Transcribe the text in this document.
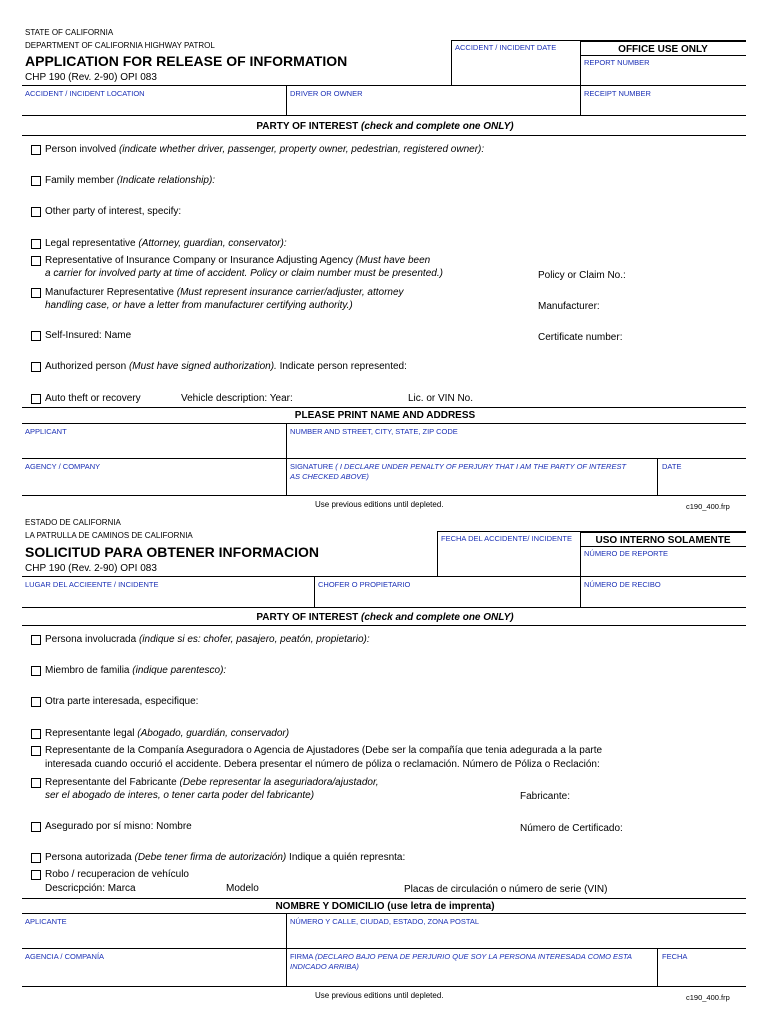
STATE OF CALIFORNIA
DEPARTMENT OF CALIFORNIA HIGHWAY PATROL
APPLICATION FOR RELEASE OF INFORMATION
CHP 190 (Rev. 2-90) OPI 083
ACCIDENT / INCIDENT DATE	OFFICE USE ONLY
REPORT NUMBER
ACCIDENT / INCIDENT LOCATION	DRIVER OR OWNER	RECEIPT NUMBER
PARTY OF INTEREST (check and complete one ONLY)
Person involved (indicate whether driver, passenger, property owner, pedestrian, registered owner):
Family member (Indicate relationship):
Other party of interest, specify:
Legal representative (Attorney, guardian, conservator):
Representative of Insurance Company or Insurance Adjusting Agency (Must have been
a carrier for involved party at time of accident. Policy or claim number must be presented.)	Policy or Claim No.:
Manufacturer Representative (Must represent insurance carrier/adjuster, attorney
handling case, or have a letter from manufacturer certifying authority.)	Manufacturer:
Self-Insured: Name	Certificate number:
Authorized person (Must have signed authorization). Indicate person represented:
Auto theft or recovery	Vehicle description: Year:	Lic. or VIN No.
PLEASE PRINT NAME AND ADDRESS
APPLICANT	NUMBER AND STREET, CITY, STATE, ZIP CODE
AGENCY / COMPANY	SIGNATURE ( I DECLARE UNDER PENALTY OF PERJURY THAT I AM THE PARTY OF INTEREST
AS CHECKED ABOVE)
DATE
Use previous editions until depleted.	c190_400.frp
ESTADO DE CALIFORNIA
LA PATRULLA DE CAMINOS DE CALIFORNIA
SOLICITUD PARA OBTENER INFORMACION
CHP 190 (Rev. 2-90) OPI 083
FECHA DEL ACCIDENTE/ INCIDENTE	USO INTERNO SOLAMENTE
NÚMERO DE REPORTE
LUGAR DEL ACCIEENTE / INCIDENTE	CHOFER O PROPIETARIO	NÚMERO DE RECIBO
PARTY OF INTEREST (check and complete one ONLY)
Persona involucrada (indique si es: chofer, pasajero, peatón, propietario):
Miembro de familia (indique parentesco):
Otra parte interesada, especifique:
Representante legal (Abogado, guardián, conservador)
Representante de la Companía Aseguradora o Agencia de Ajustadores (Debe ser la compañía que tenia adegurada a la parte
interesada cuando occurió el accidente. Debera presentar el número de póliza o reclamación. Número de Póliza o Reclación:
Representante del Fabricante (Debe representar la aseguriadora/ajustador,
ser el abogado de interes, o tener carta poder del fabricante)	Fabricante:
Asegurado por sí misno: Nombre	Número de Certificado:
Persona autorizada (Debe tener firma de autorización) Indique a quién represnta:
Robo / recuperacion de vehículo
Descricpción: Marca	Modelo	Placas de circulación o número de serie (VIN)
NOMBRE Y DOMICILIO (use letra de imprenta)
APLICANTE	NÚMERO Y CALLE, CIUDAD, ESTADO, ZONA POSTAL
AGENCIA / COMPANÍA	FIRMA (DECLARO BAJO PENA DE PERJURIO QUE SOY LA PERSONA INTERESADA COMO ESTA
INDICADO ARRIBA)
FECHA
Use previous editions until depleted.	c190_400.frp
